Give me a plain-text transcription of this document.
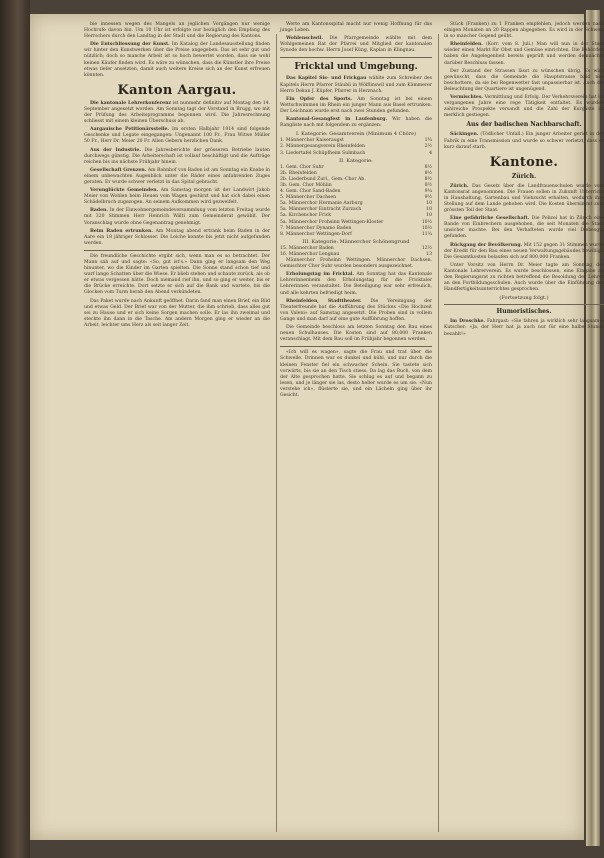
bie innessen wegen des Mangels an jeglichen Vorgängen nur wenige Hochrufe davon hin. Um 10 Uhr ist erfolgte nur bezüglich den Empfang des Herrschers durch den Landtag in der Stadt und die Regierung des Kantons.

Die Entschliessung der Kunst. Im Katalog der Landesausstellung finden wir hinter den Kunstwerken über die Preise angegeben. Das ist sehr gut und nützlich; doch so manche Arbeit ist so hoch bewertet worden, dass sie wohl keinen Käufer finden wird. Es wäre zu wünschen, dass die Künstler ihre Preise etwas tiefer ansetzten, damit auch weitere Kreise sich an der Kunst erfreuen könnten.

Kanton Aargau.

Die kantonale Lehrerkonferenz ist nunmehr definitiv auf Montag den 14. September angesetzt worden. Am Sonntag tagt der Vorstand in Brugg, wo mit der Prüfung des Arbeitsprogramms begonnen wird. Die Jahresrechnung schliesst mit einem kleinen Überschuss ab.

Aargauische Petitionärsstelle. Im ersten Halbjahr 1914 sind folgende Geschenke und Legate eingegangen: Ungenannt 100 Fr., Frau Witwe Müller 50 Fr., Herr Dr. Meier 20 Fr. Allen Gebern herzlichen Dank.

Aus der Industrie. Die Jahresberichte der grösseren Betriebe lauten durchwegs günstig. Die Arbeiterschaft ist vollauf beschäftigt und die Aufträge reichen bis ins nächste Frühjahr hinein.

Gesellschaft Grenzen. Am Bahnhof von Baden ist am Sonntag ein Knabe in einem unbewachten Augenblick unter die Räder eines anfahrenden Zuges geraten. Er wurde schwer verletzt in das Spital gebracht.

Verunglückte Gemeinden. Am Samstag morgen ist der Landwirt Jakob Meier von Wohlen beim Heuen vom Wagen gestürzt und hat sich dabei einen Schädelbruch zugezogen. An seinem Aufkommen wird gezweifelt.

Baden. In der Einwohnergemeindeversammlung vom letzten Freitag wurde mit 320 Stimmen Herr Heinrich Wälti zum Gemeinderat gewählt. Der Voranschlag wurde ohne Gegenantrag genehmigt.

Beim Baden ertrunken. Am Montag abend ertrank beim Baden in der Aare ein 18 jähriger Schlosser. Die Leiche konnte bis jetzt nicht aufgefunden werden.

Die freundliche Geschichte ergibt sich, wenn man es so betrachtet. Der Mann sah auf und sagte: «So, gut ist's.» Dann ging er langsam den Weg hinunter, wo die Kinder im Garten spielten. Die Sonne stand schon tief und warf lange Schatten über die Wiese. Er blieb stehen und schaute zurück, als ob er etwas vergessen hätte. Doch niemand rief ihn, und so ging er weiter, bis er die Brücke erreichte. Dort setzte er sich auf die Bank und wartete, bis die Glocken vom Turm herab den Abend verkündeten.

Das Paket wurde nach Ankunft geöffnet. Darin fand man einen Brief, ein Bild und etwas Geld. Der Brief war von der Mutter, die ihm schrieb, dass alles gut sei zu Hause und er sich keine Sorgen machen solle. Er las ihn zweimal und steckte ihn dann in die Tasche. Am andern Morgen ging er wieder an die Arbeit, leichter ums Herz als seit langer Zeit.

Werte am Kantonsspital macht nur wenig Hoffnung für das junge Leben.

Wohlenschwil. Die Pfarrgemeinde wählte mit dem Wohlgemeinen Rat der Pfarrei und Mitglied der kantonalen Synode den hochw. Herrn Josef Küng, Kaplan in Klingnau.

Fricktal und Umgebung.

Das Kapitel Sis- und Frickgau wählte zum Schreiber des Kapitels Herrn Pfarrer Stäubli in Wölflinswil und zum Kämmerer Herrn Dekan J. Küpfer, Pfarrer in Herznach.

Ein Opfer des Sports. Am Sonntag ist bei einem Wettschwimmen im Rhein ein junger Mann aus Basel ertrunken. Der Leichnam wurde erst nach zwei Stunden gefunden.

Kantonal-Gesangfest in Laufenburg. Wir haben die Rangliste nach mit folgendem zu ergänzen:

I. Kategorie: Gesamtverein (Minimum 4 Chöre)
1. Männerchor Kaiseraugst	1¾
2. Männergesangverein Rheinfelden	2½
3. Liedertafel Schüpfheim Sulmbach	4
II. Kategorie:
1. Gem. Chor Suhr	8½
2b. Rheinfelden	8½
2b. Liederbund Zurl., Gem.-Chor Ab.	8½
3b. Gem. Chor Möhlin	8½
4. Gem. Chor Sand-Baden	9¼
5. Männerchor Dachsen	9½
5a. Männerchor Hermanie Aarburg	10
5a. Männerchor Eintracht Zurzach	10
5a. Kirchenchor Frick	10
5a. Männerchor Frohsinn Wettingen-Kloster	10½
7. Männerchor Dynamo Baden	10½
8. Männerchor Wettingen-Dorf	11¼
III. Kategorie: Männerchor Schönengrund
15. Männerchor Baden	12½
16. Männerchor Lengnau	13

Männerchor Frohsinn Wettingen. Männerchor Dachsen. Gemischter Chor Suhr wurden besonders ausgezeichnet.

Erholungstag im Fricktal. Am Sonntag hat das Kantonale Lehrerinnenheim den Erholungstag für die Fricktaler Lehrerinnen veranstaltet. Die Beteiligung war sehr erfreulich, und alle kehrten befriedigt heim.

Rheinfelden, Stadttheater. Die Vereinigung der Theaterfreunde hat die Aufführung des Stückes «Die Hochzeit von Valeni» auf Samstag angesetzt. Die Proben sind in vollem Gange und man darf auf eine gute Aufführung hoffen.

Die Gemeinde beschloss am letzten Sonntag den Bau eines neuen Schulhauses. Die Kosten sind auf 80,000 Franken veranschlagt. Mit dem Bau soll im Frühjahr begonnen werden.

«Ich will es wagen», sagte die Frau und trat über die Schwelle. Drinnen war es dunkel und kühl, und nur durch die kleinen Fenster fiel ein schwacher Schein. Sie tastete sich vorwärts, bis sie an den Tisch stiess. Da lag das Buch, von dem der Alte gesprochen hatte. Sie schlug es auf und begann zu lesen, und je länger sie las, desto heller wurde es um sie. «Nun verstehe ich», flüsterte sie, und ein Lächeln ging über ihr Gesicht.

Stück (Franken) zu 1 Franken empfehlen, jedoch werden nach einigen Monaten an 20 Rappen abgegeben. Es wird in der Schweiz in so mancher Gegend geübt.

Rheinfelden. (Korr. vom 8. Juli.) Man will nun in der Stadt wieder einen Markt für Obst und Gemüse einrichten. Die Behörden haben die Angelegenheit bereits geprüft und werden demnächst darüber Beschluss fassen.

Der Zustand der Strassen lässt zu wünschen übrig. Es wird gewünscht, dass die Gemeinde die Hauptstrasse bald neu beschottere, da sie bei Regenwetter fast unpassierbar ist. Auch die Beleuchtung der Quartiere ist ungenügend.

Vermischtes. Vermittlung und Erfolg. Der Verkehrsverein hat im vergangenen Jahre eine rege Tätigkeit entfaltet. Es wurden zahlreiche Prospekte versandt und die Zahl der Kurgäste ist merklich gestiegen.

Aus der badischen Nachbarschaft.

Säckingen. (Tödlicher Unfall.) Ein junger Arbeiter geriet in der Fabrik in eine Transmission und wurde so schwer verletzt, dass er kurz darauf starb.

Kantone.
Zürich.

Zürich. Das Gesetz über die Landfrauenschulen wurde vom Kantonsrat angenommen. Die Frauen sollen in Zukunft Unterricht in Haushaltung, Gartenbau und Viehzucht erhalten, wodurch ihre Stellung auf dem Lande gehoben wird. Die Kosten übernimmt zum grössten Teil der Staat.

Eine gefährliche Gesellschaft. Die Polizei hat in Zürich eine Bande von Einbrechern ausgehoben, die seit Monaten die Stadt unsicher machte. Bei den Verhafteten wurde viel Diebesgut gefunden.

Rückgang der Bevölkerung. Mit 152 gegen 31 Stimmen wurde der Kredit für den Bau eines neuen Verwaltungsgebäudes bewilligt. Die Gesamtkosten belaufen sich auf 800,000 Franken.

Unter Vorsitz von Herrn Dr. Meier tagte am Sonntag der Kantonale Lehrerverein. Es wurde beschlossen, eine Eingabe an den Regierungsrat zu richten betreffend die Besoldung der Lehrer an den Fortbildungsschulen. Auch wurde über die Einführung des Handfertigkeitsunterrichtes gesprochen.

(Fortsetzung folgt.)
Humoristisches.

Im Droschke. Fahrgast: «Sie fahren ja wirklich sehr langsam!» Kutscher: «Ja, der Herr hat ja auch nur für eine halbe Stunde bezahlt!»
